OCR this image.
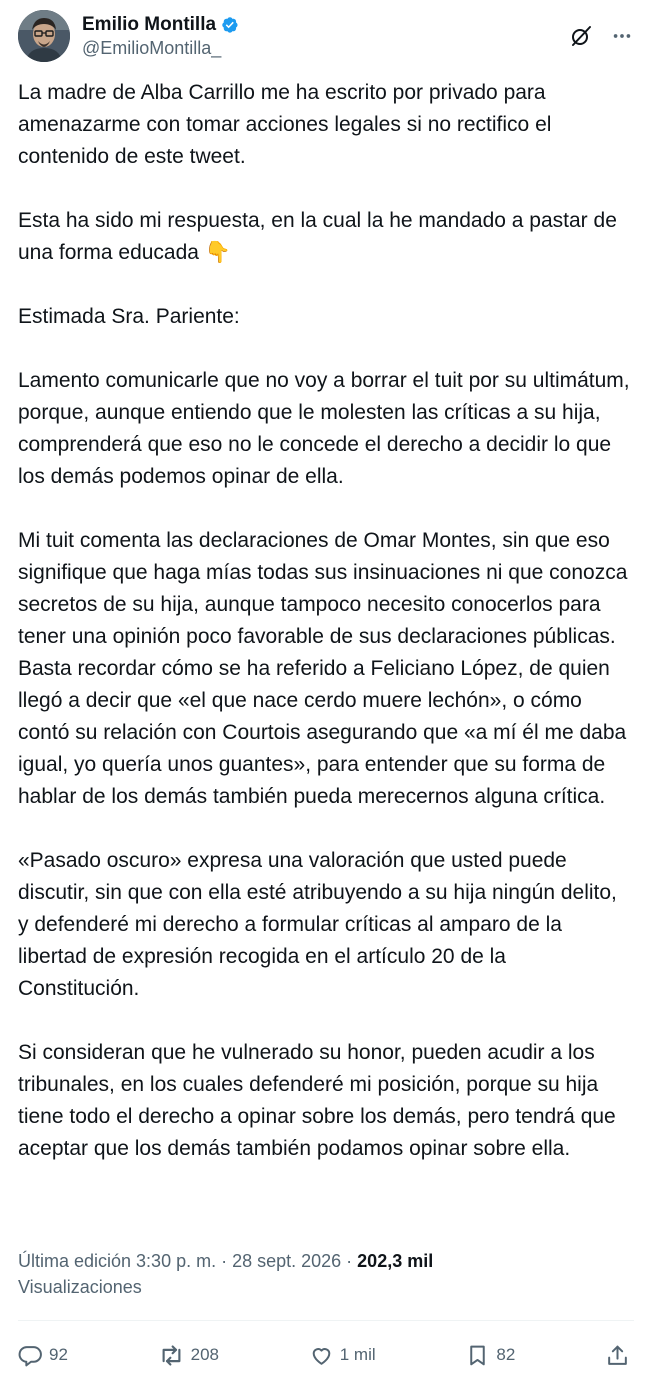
Emilio Montilla
@EmilioMontilla_

La madre de Alba Carrillo me ha escrito por privado para amenazarme con tomar acciones legales si no rectifico el contenido de este tweet.

Esta ha sido mi respuesta, en la cual la he mandado a pastar de una forma educada 👇

Estimada Sra. Pariente:

Lamento comunicarle que no voy a borrar el tuit por su ultimátum, porque, aunque entiendo que le molesten las críticas a su hija, comprenderá que eso no le concede el derecho a decidir lo que los demás podemos opinar de ella.

Mi tuit comenta las declaraciones de Omar Montes, sin que eso signifique que haga mías todas sus insinuaciones ni que conozca secretos de su hija, aunque tampoco necesito conocerlos para tener una opinión poco favorable de sus declaraciones públicas. Basta recordar cómo se ha referido a Feliciano López, de quien llegó a decir que «el que nace cerdo muere lechón», o cómo contó su relación con Courtois asegurando que «a mí él me daba igual, yo quería unos guantes», para entender que su forma de hablar de los demás también pueda merecernos alguna crítica.

«Pasado oscuro» expresa una valoración que usted puede discutir, sin que con ella esté atribuyendo a su hija ningún delito, y defenderé mi derecho a formular críticas al amparo de la libertad de expresión recogida en el artículo 20 de la Constitución.

Si consideran que he vulnerado su honor, pueden acudir a los tribunales, en los cuales defenderé mi posición, porque su hija tiene todo el derecho a opinar sobre los demás, pero tendrá que aceptar que los demás también podamos opinar sobre ella.

Última edición 3:30 p. m. · 28 sept. 2026 · 202,3 mil
Visualizaciones
92	208	1 mil	82
